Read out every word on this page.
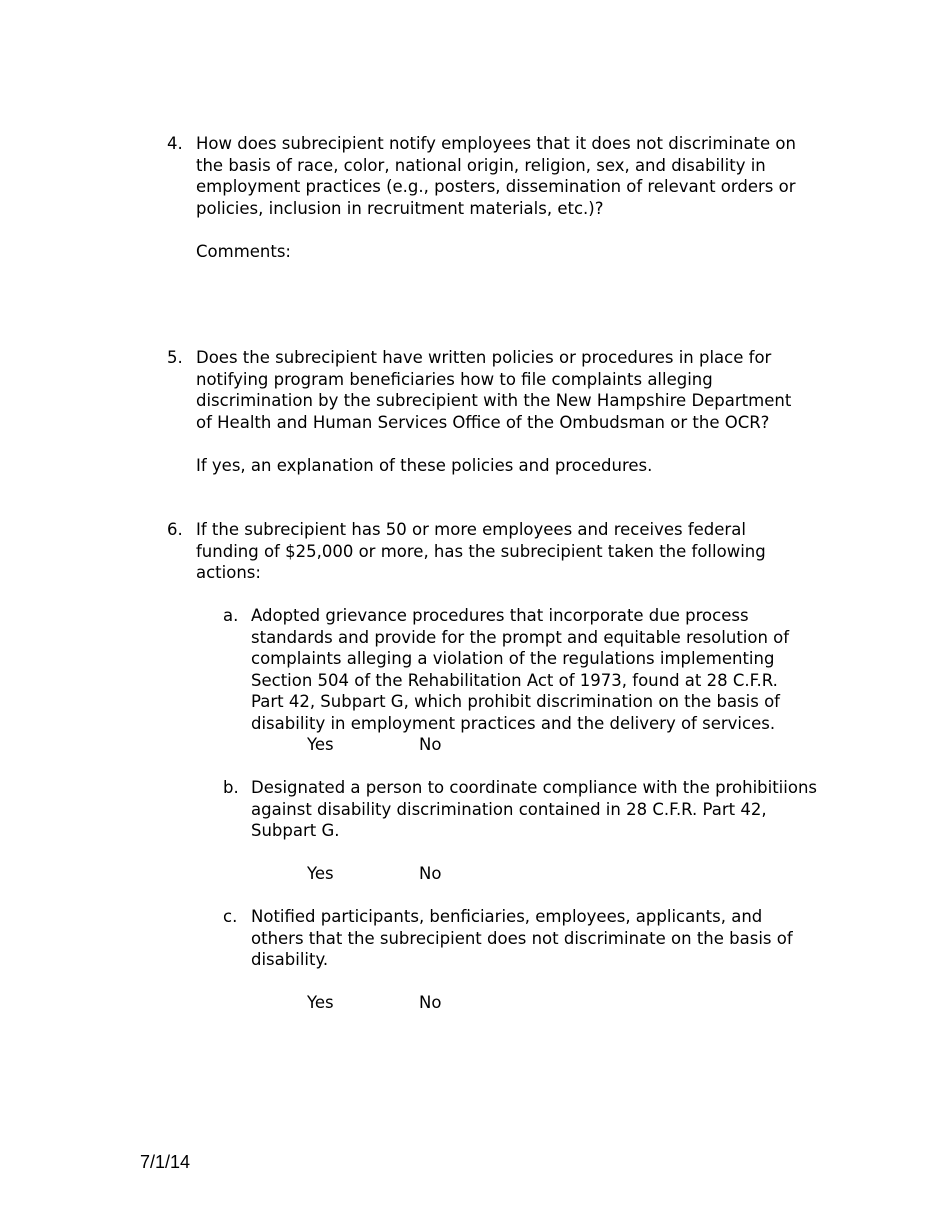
4. How does subrecipient notify employees that it does not discriminate on the basis of race, color, national origin, religion, sex, and disability in employment practices (e.g., posters, dissemination of relevant orders or policies, inclusion in recruitment materials, etc.)?

Comments:

5. Does the subrecipient have written policies or procedures in place for notifying program beneficiaries how to file complaints alleging discrimination by the subrecipient with the New Hampshire Department of Health and Human Services Office of the Ombudsman or the OCR?

If yes, an explanation of these policies and procedures.

6. If the subrecipient has 50 or more employees and receives federal funding of $25,000 or more, has the subrecipient taken the following actions:

a. Adopted grievance procedures that incorporate due process standards and provide for the prompt and equitable resolution of complaints alleging a violation of the regulations implementing Section 504 of the Rehabilitation Act of 1973, found at 28 C.F.R. Part 42, Subpart G, which prohibit discrimination on the basis of disability in employment practices and the delivery of services.

Yes	No
b. Designated a person to coordinate compliance with the prohibitiions against disability discrimination contained in 28 C.F.R. Part 42, Subpart G.

Yes	No
c. Notified participants, benficiaries, employees, applicants, and others that the subrecipient does not discriminate on the basis of disability.

Yes	No
7/1/14
